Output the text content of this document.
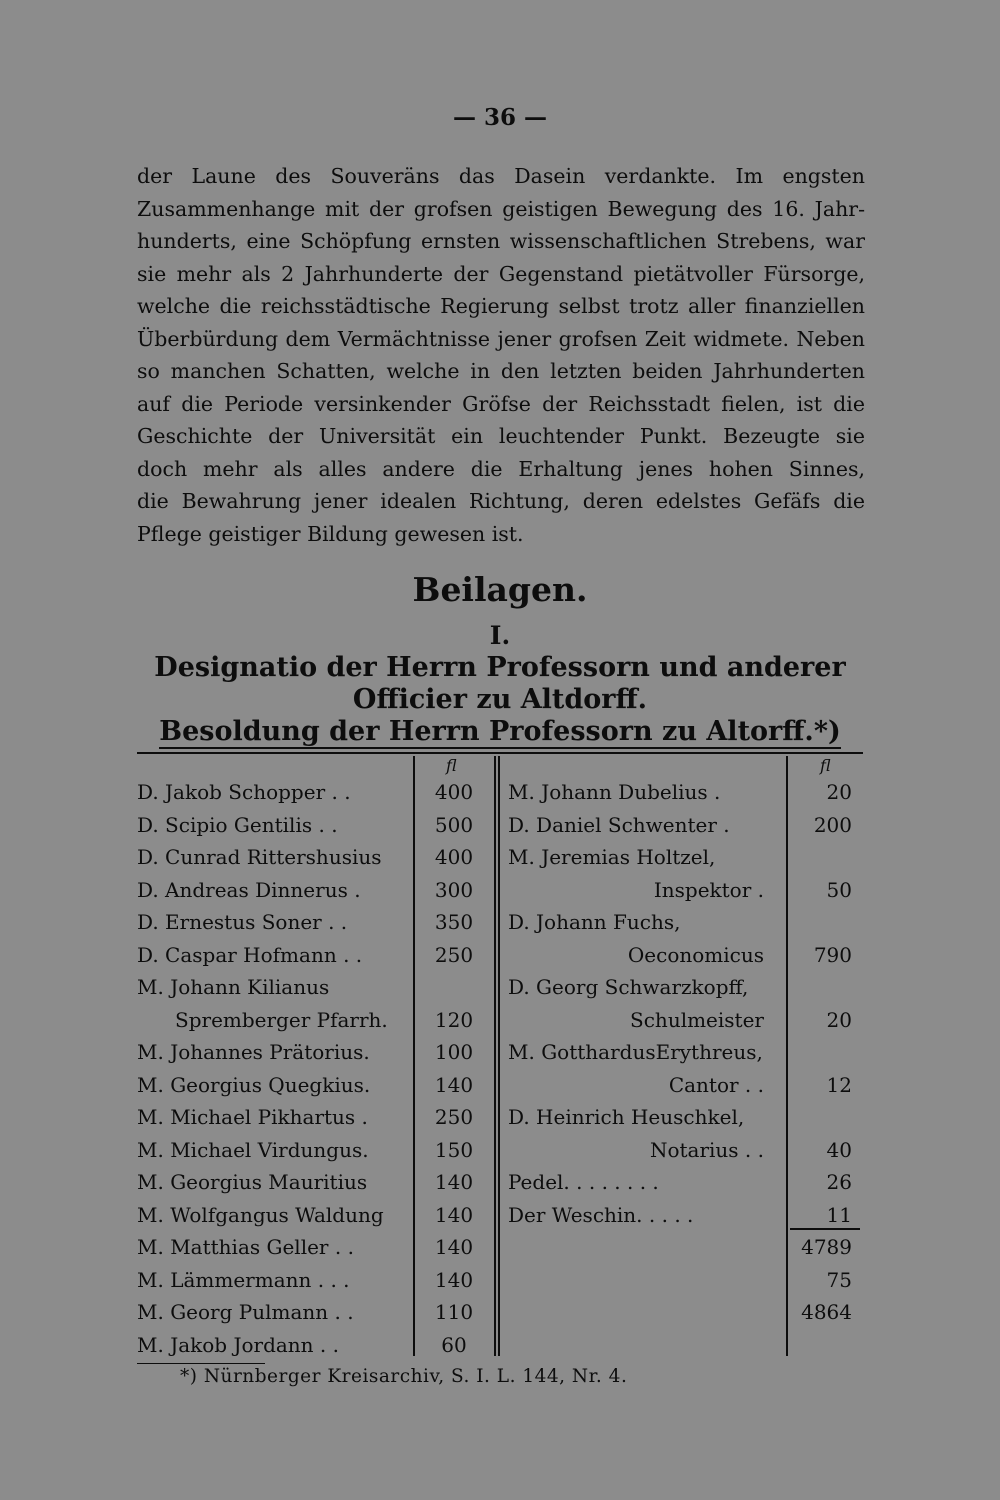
— 36 —
der Laune des Souveräns das Dasein verdankte. Im engsten
Zusammenhange mit der grofsen geistigen Bewegung des 16. Jahr-
hunderts, eine Schöpfung ernsten wissenschaftlichen Strebens, war
sie mehr als 2 Jahrhunderte der Gegenstand pietätvoller Fürsorge,
welche die reichsstädtische Regierung selbst trotz aller finanziellen
Überbürdung dem Vermächtnisse jener grofsen Zeit widmete. Neben
so manchen Schatten, welche in den letzten beiden Jahrhunderten
auf die Periode versinkender Gröfse der Reichsstadt fielen, ist die
Geschichte der Universität ein leuchtender Punkt. Bezeugte sie
doch mehr als alles andere die Erhaltung jenes hohen Sinnes,
die Bewahrung jener idealen Richtung, deren edelstes Gefäfs die
Pflege geistiger Bildung gewesen ist.
Beilagen.
I.
Designatio der Herrn Professorn und anderer
Officier zu Altdorff.
Besoldung der Herrn Professorn zu Altorff.*)
fl	fl
D. Jakob Schopper . .	400
D. Scipio Gentilis . .	500
D. Cunrad Rittershusius	400
D. Andreas Dinnerus .	300
D. Ernestus Soner . .	350
D. Caspar Hofmann . .	250
M. Johann Kilianus
Spremberger Pfarrh.	120
M. Johannes Prätorius.	100
M. Georgius Quegkius.	140
M. Michael Pikhartus .	250
M. Michael Virdungus.	150
M. Georgius Mauritius	140
M. Wolfgangus Waldung	140
M. Matthias Geller . .	140
M. Lämmermann . . .	140
M. Georg Pulmann . .	110
M. Jakob Jordann . .	60
M. Johann Dubelius .	20
D. Daniel Schwenter .	200
M. Jeremias Holtzel,
Inspektor .	50
D. Johann Fuchs,
Oeconomicus	790
D. Georg Schwarzkopff,
Schulmeister	20
M. GotthardusErythreus,
Cantor . .	12
D. Heinrich Heuschkel,
Notarius . .	40
Pedel. . . . . . . .	26
Der Weschin. . . . .	11
4789
75
4864
*) Nürnberger Kreisarchiv, S. I. L. 144, Nr. 4.
